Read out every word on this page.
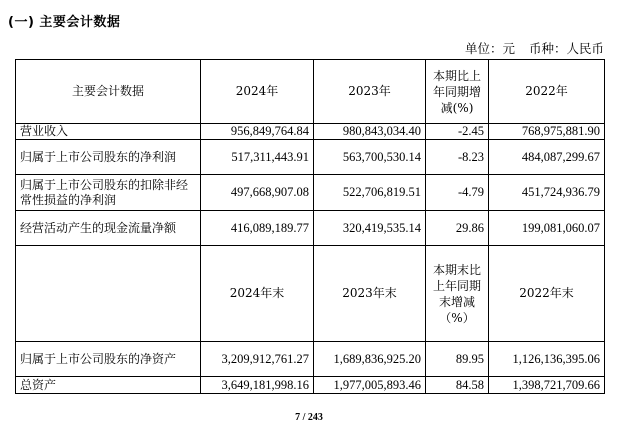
(一) 主要会计数据
单位：元 币种：人民币
主要会计数据	2024年	2023年	本期比上年同期增减(%)	2022年
营业收入	956,849,764.84	980,843,034.40	-2.45	768,975,881.90
归属于上市公司股东的净利润	517,311,443.91	563,700,530.14	-8.23	484,087,299.67
归属于上市公司股东的扣除非经常性损益的净利润	497,668,907.08	522,706,819.51	-4.79	451,724,936.79
经营活动产生的现金流量净额	416,089,189.77	320,419,535.14	29.86	199,081,060.07
	2024年末	2023年末	本期末比上年同期末增减（%）	2022年末
归属于上市公司股东的净资产	3,209,912,761.27	1,689,836,925.20	89.95	1,126,136,395.06
总资产	3,649,181,998.16	1,977,005,893.46	84.58	1,398,721,709.66
7 / 243
